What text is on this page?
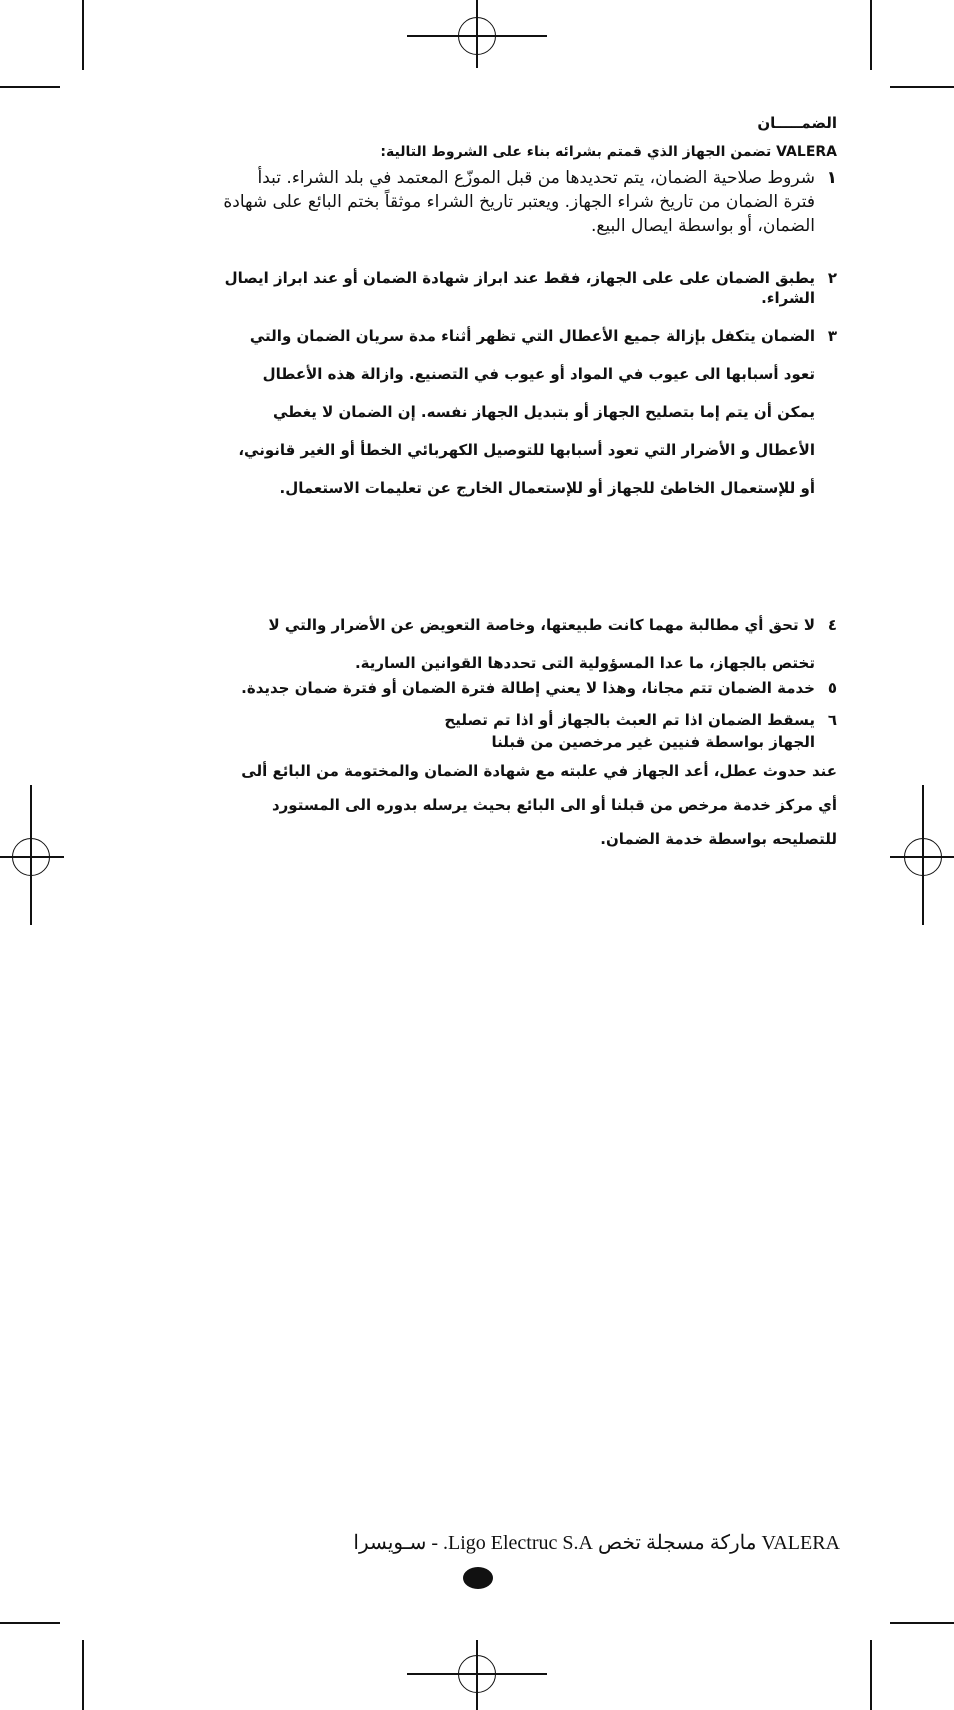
الضمـــــان
VALERA تضمن الجهاز الذي قمتم بشرائه بناء على الشروط التالية:
١
شروط صلاحية الضمان، يتم تحديدها من قبل الموزّع المعتمد في بلد الشراء. تبدأ فترة الضمان من تاريخ شراء الجهاز. ويعتبر تاريخ الشراء موثقاً بختم البائع على شهادة الضمان، أو بواسطة ايصال البيع.
٢
يطبق الضمان على على الجهاز، فقط عند ابراز شهادة الضمان أو عند ابراز ايصال الشراء.
٣
الضمان يتكفل بإزالة جميع الأعطال التي تظهر أثناء مدة سريان الضمان والتي تعود أسبابها الى عيوب في المواد أو عيوب في التصنيع. وازالة هذه الأعطال يمكن أن يتم إما بتصليح الجهاز أو بتبديل الجهاز نفسه. إن الضمان لا يغطي الأعطال و الأضرار التي تعود أسبابها للتوصيل الكهربائي الخطأ أو الغير قانوني، أو للإستعمال الخاطئ للجهاز أو للإستعمال الخارج عن تعليمات الاستعمال.
٤
لا تحق أي مطالبة مهما كانت طبيعتها، وخاصة التعويض عن الأضرار والتي لا تختص بالجهاز، ما عدا المسؤولية التى تحددها القوانين السارية.
٥
خدمة الضمان تتم مجانا، وهذا لا يعني إطالة فترة الضمان أو فترة ضمان جديدة.
٦
يسقط الضمان اذا تم العبث بالجهاز أو اذا تم تصليح الجهاز بواسطة فنيين غير مرخصين من قبلنا
عند حدوث عطل، أعد الجهاز في علبته مع شهادة الضمان والمختومة من البائع ألى أي مركز خدمة مرخص من قبلنا أو الى البائع بحيث يرسله بدوره الى المستورد للتصليحه بواسطة خدمة الضمان.
VALERA ماركة مسجلة تخص Ligo Electruc S.A. - سـويسرا
